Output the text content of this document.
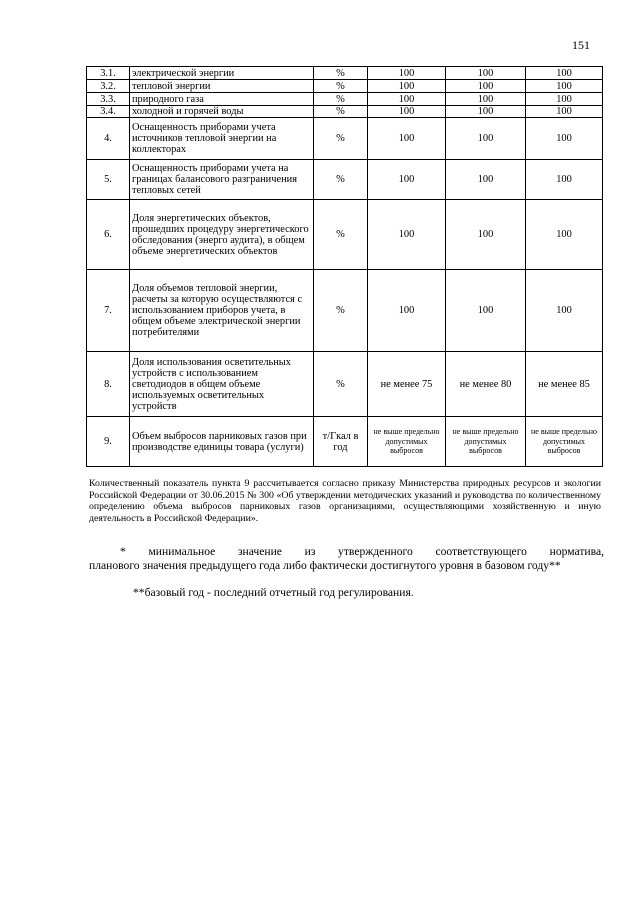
151
3.1.	электрической энергии	%	100	100	100
3.2.	тепловой энергии	%	100	100	100
3.3.	природного газа	%	100	100	100
3.4.	холодной и горячей воды	%	100	100	100
4.	Оснащенность приборами учета источников тепловой энергии на коллекторах	%	100	100	100
5.	Оснащенность приборами учета на границах балансового разграничения тепловых сетей	%	100	100	100
6.	Доля энергетических объектов, прошедших процедуру энергетического обследования (энерго аудита), в общем объеме энергетических объектов	%	100	100	100
7.	Доля объемов тепловой энергии, расчеты за которую осуществляются с использованием приборов учета, в общем объеме электрической энергии потребителями	%	100	100	100
8.	Доля использования осветительных устройств с использованием светодиодов в общем объеме используемых осветительных устройств	%	не менее 75	не менее 80	не менее 85
9.	Объем выбросов парниковых газов при производстве единицы товара (услуги)	т/Гкал в год	не выше предельно допустимых выбросов	не выше предельно допустимых выбросов	не выше предельно допустимых выбросов
Количественный показатель пункта 9 рассчитывается согласно приказу Министерства природных ресурсов и экологии Российской Федерации от 30.06.2015 № 300 «Об утверждении методических указаний и руководства по количественному определению объема выбросов парниковых газов организациями, осуществляющими хозяйственную и иную деятельность в Российской Федерации».
* минимальное значение из утвержденного соответствующего норматива,
планового значения предыдущего года либо фактически достигнутого уровня в базовом году**
**базовый год - последний отчетный год регулирования.
